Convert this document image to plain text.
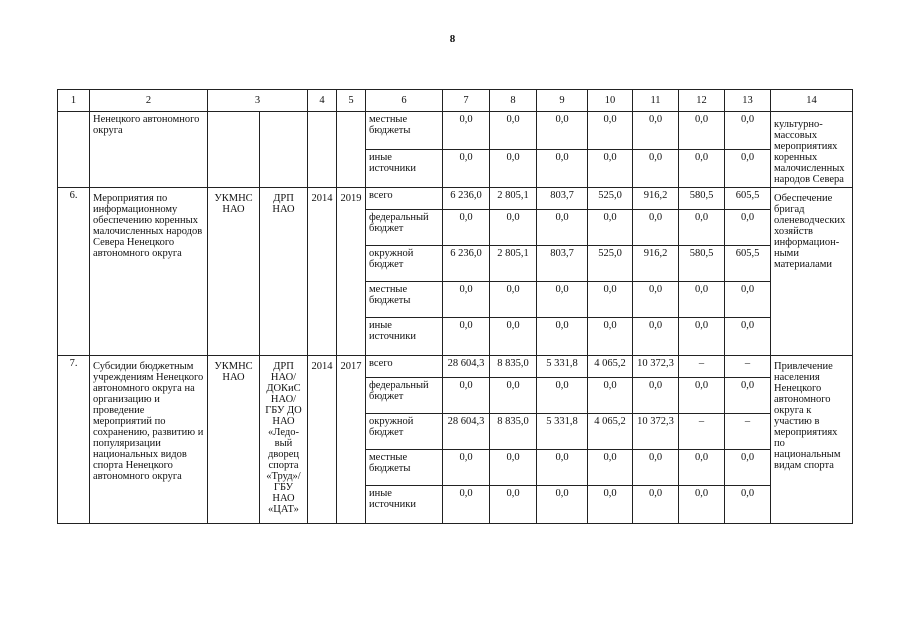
8
1	2	3		4	5	6	7	8	9	10	11	12	13	14
	Ненецкого автономного округа					местные бюджеты	0,0	0,0	0,0	0,0	0,0	0,0	0,0	культурно-массовых мероприятиях коренных малочисленных народов Севера
						иные источники	0,0	0,0	0,0	0,0	0,0	0,0	0,0	
6.	Мероприятия по информационному обеспечению коренных малочисленных народов Севера Ненецкого автономного округа	УКМНС НАО	ДРП НАО	2014	2019	всего	6 236,0	2 805,1	803,7	525,0	916,2	580,5	605,5	Обеспечение бригад оленеводческих хозяйств информацион-ными материалами
						федеральный бюджет	0,0	0,0	0,0	0,0	0,0	0,0	0,0	
						окружной бюджет	6 236,0	2 805,1	803,7	525,0	916,2	580,5	605,5	
						местные бюджеты	0,0	0,0	0,0	0,0	0,0	0,0	0,0	
						иные источники	0,0	0,0	0,0	0,0	0,0	0,0	0,0	
7.	Субсидии бюджетным учреждениям Ненецкого автономного округа на организацию и проведение мероприятий по сохранению, развитию и популяризации национальных видов спорта Ненецкого автономного округа	УКМНС НАО	ДРП НАО/ ДОКиС НАО/ ГБУ ДО НАО «Ледо-вый дворец спорта «Труд»/ ГБУ НАО «ЦАТ»	2014	2017	всего	28 604,3	8 835,0	5 331,8	4 065,2	10 372,3	–	–	Привлечение населения Ненецкого автономного округа к участию в мероприятиях по национальным видам спорта
						федеральный бюджет	0,0	0,0	0,0	0,0	0,0	0,0	0,0	
						окружной бюджет	28 604,3	8 835,0	5 331,8	4 065,2	10 372,3	–	–	
						местные бюджеты	0,0	0,0	0,0	0,0	0,0	0,0	0,0	
						иные источники	0,0	0,0	0,0	0,0	0,0	0,0	0,0	
